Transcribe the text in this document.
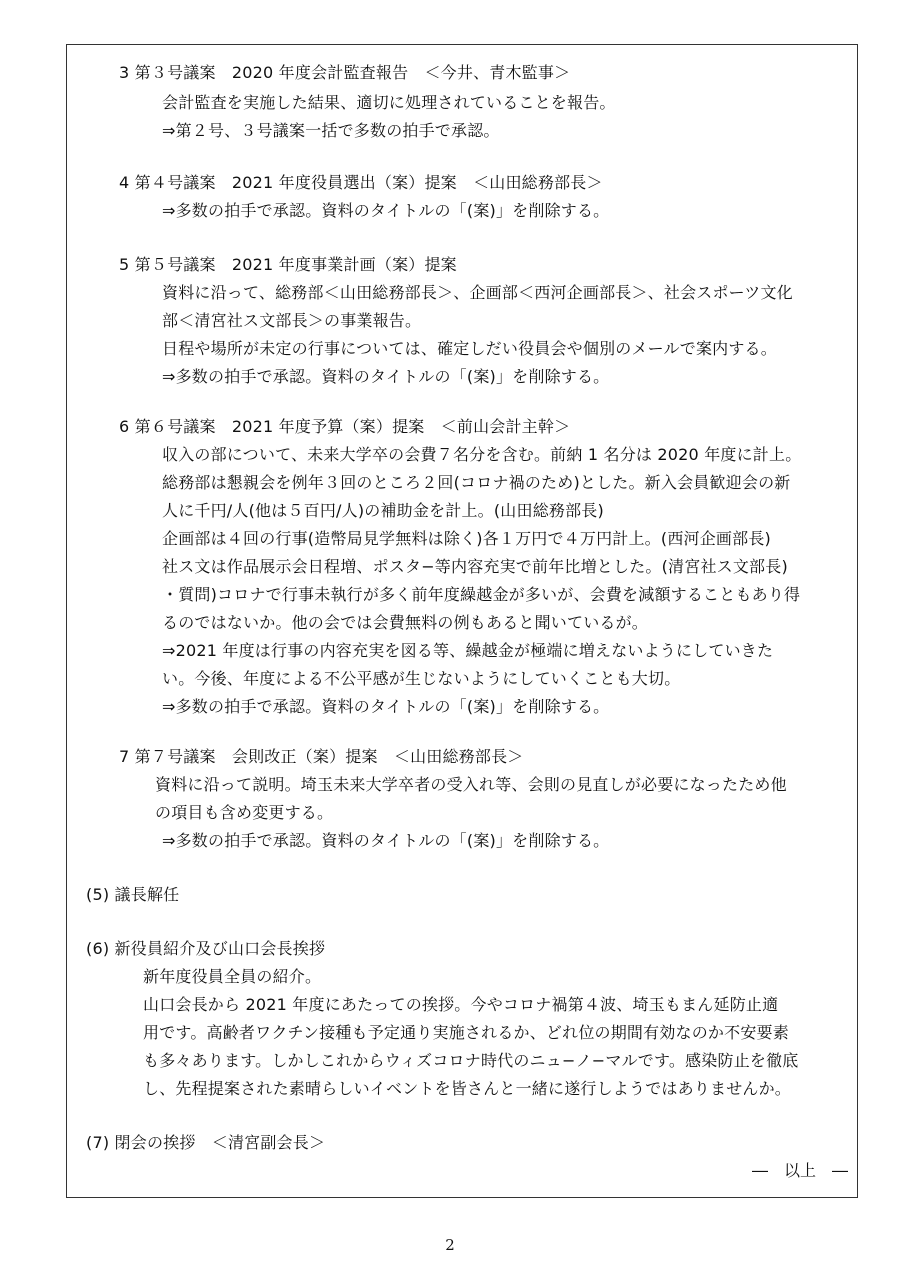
3 第３号議案　2020 年度会計監査報告　＜今井、青木監事＞
会計監査を実施した結果、適切に処理されていることを報告。
⇒第２号、３号議案一括で多数の拍手で承認。
4 第４号議案　2021 年度役員選出（案）提案　＜山田総務部長＞
⇒多数の拍手で承認。資料のタイトルの「(案)」を削除する。
5 第５号議案　2021 年度事業計画（案）提案
資料に沿って、総務部＜山田総務部長＞、企画部＜西河企画部長＞、社会スポーツ文化
部＜清宮社ス文部長＞の事業報告。
日程や場所が未定の行事については、確定しだい役員会や個別のメールで案内する。
⇒多数の拍手で承認。資料のタイトルの「(案)」を削除する。
6 第６号議案　2021 年度予算（案）提案　＜前山会計主幹＞
収入の部について、未来大学卒の会費７名分を含む。前納 1 名分は 2020 年度に計上。
総務部は懇親会を例年３回のところ２回(コロナ禍のため)とした。新入会員歓迎会の新
人に千円/人(他は５百円/人)の補助金を計上。(山田総務部長)
企画部は４回の行事(造幣局見学無料は除く)各１万円で４万円計上。(西河企画部長)
社ス文は作品展示会日程増、ポスタ−等内容充実で前年比増とした。(清宮社ス文部長)
・質問)コロナで行事未執行が多く前年度繰越金が多いが、会費を減額することもあり得
るのではないか。他の会では会費無料の例もあると聞いているが。
⇒2021 年度は行事の内容充実を図る等、繰越金が極端に増えないようにしていきた
い。今後、年度による不公平感が生じないようにしていくことも大切。
⇒多数の拍手で承認。資料のタイトルの「(案)」を削除する。
7 第７号議案　会則改正（案）提案　＜山田総務部長＞
資料に沿って説明。埼玉未来大学卒者の受入れ等、会則の見直しが必要になったため他
の項目も含め変更する。
⇒多数の拍手で承認。資料のタイトルの「(案)」を削除する。
(5) 議長解任
(6) 新役員紹介及び山口会長挨拶
新年度役員全員の紹介。
山口会長から 2021 年度にあたっての挨拶。今やコロナ禍第４波、埼玉もまん延防止適
用です。高齢者ワクチン接種も予定通り実施されるか、どれ位の期間有効なのか不安要素
も多々あります。しかしこれからウィズコロナ時代のニュ−ノ−マルです。感染防止を徹底
し、先程提案された素晴らしいイベントを皆さんと一緒に遂行しようではありませんか。
(7) 閉会の挨拶　＜清宮副会長＞
―　以上　―
2
